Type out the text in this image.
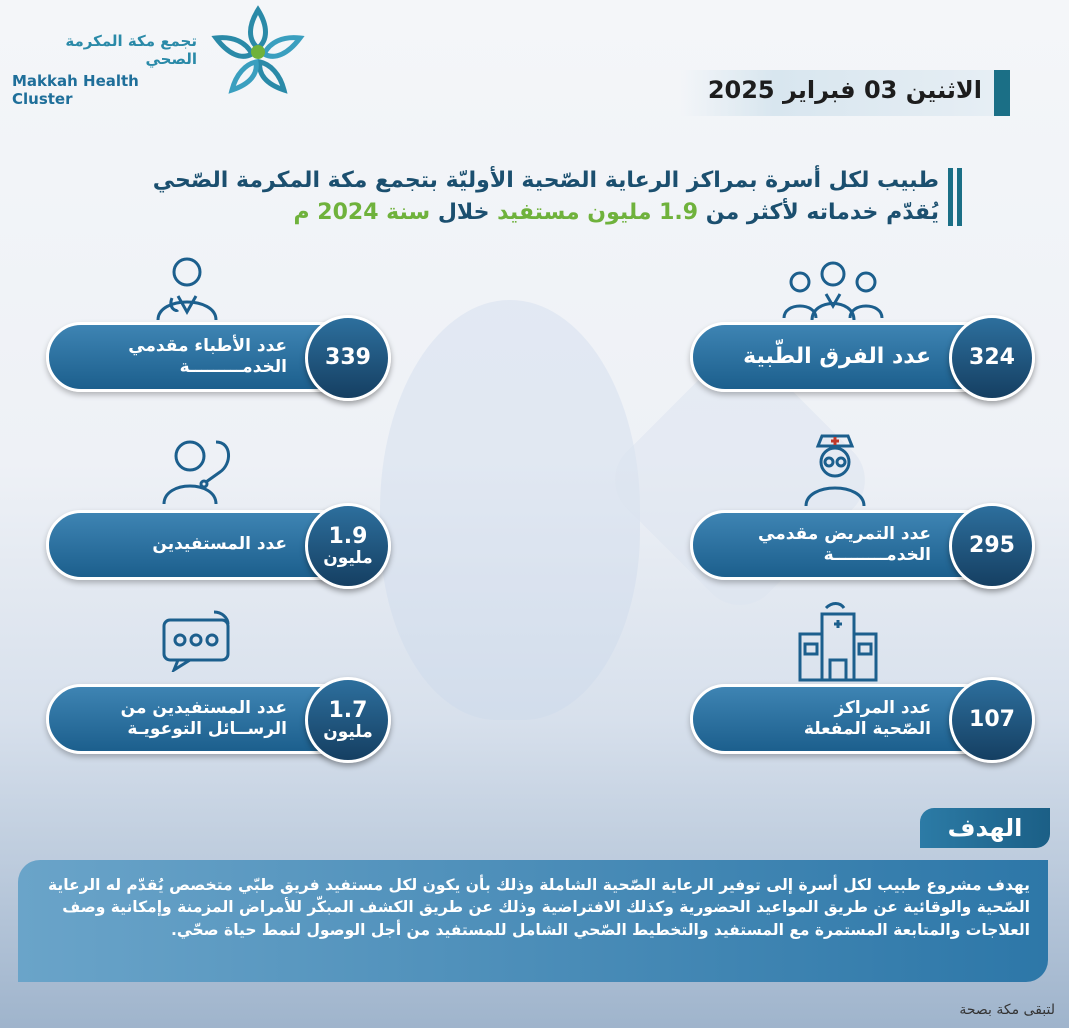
تجمع مكة المكرمة الصحي
Makkah Health Cluster	الاثنين 03 فبراير 2025
طبيب لكل أسرة بمراكز الرعاية الصّحية الأوليّة بتجمع مكة المكرمة الصّحي
يُقدّم خدماته لأكثر من 1.9 مليون مستفيد خلال سنة 2024 م
عدد الفرق الطّبية 324
عدد الأطباء مقدمي الخدمـــــــــة 339
عدد التمريض مقدمي الخدمـــــــــة 295
عدد المستفيدين 1.9
مليون
عدد المراكز الصّحية المفعلة 107
عدد المستفيدين من الرســائل التوعويـة
1.7
مليون
الهدف
يهدف مشروع طبيب لكل أسرة إلى توفير الرعاية الصّحية الشاملة وذلك بأن يكون لكل مستفيد فريق طبّي متخصص يُقدّم له الرعاية الصّحية والوقائية عن طريق المواعيد الحضورية وكذلك الافتراضية وذلك عن طريق الكشف المبكّر للأمراض المزمنة وإمكانية وصف العلاجات والمتابعة المستمرة مع المستفيد والتخطيط الصّحي الشامل للمستفيد من أجل الوصول لنمط حياة صحّي.
لتبقى مكة بصحة
